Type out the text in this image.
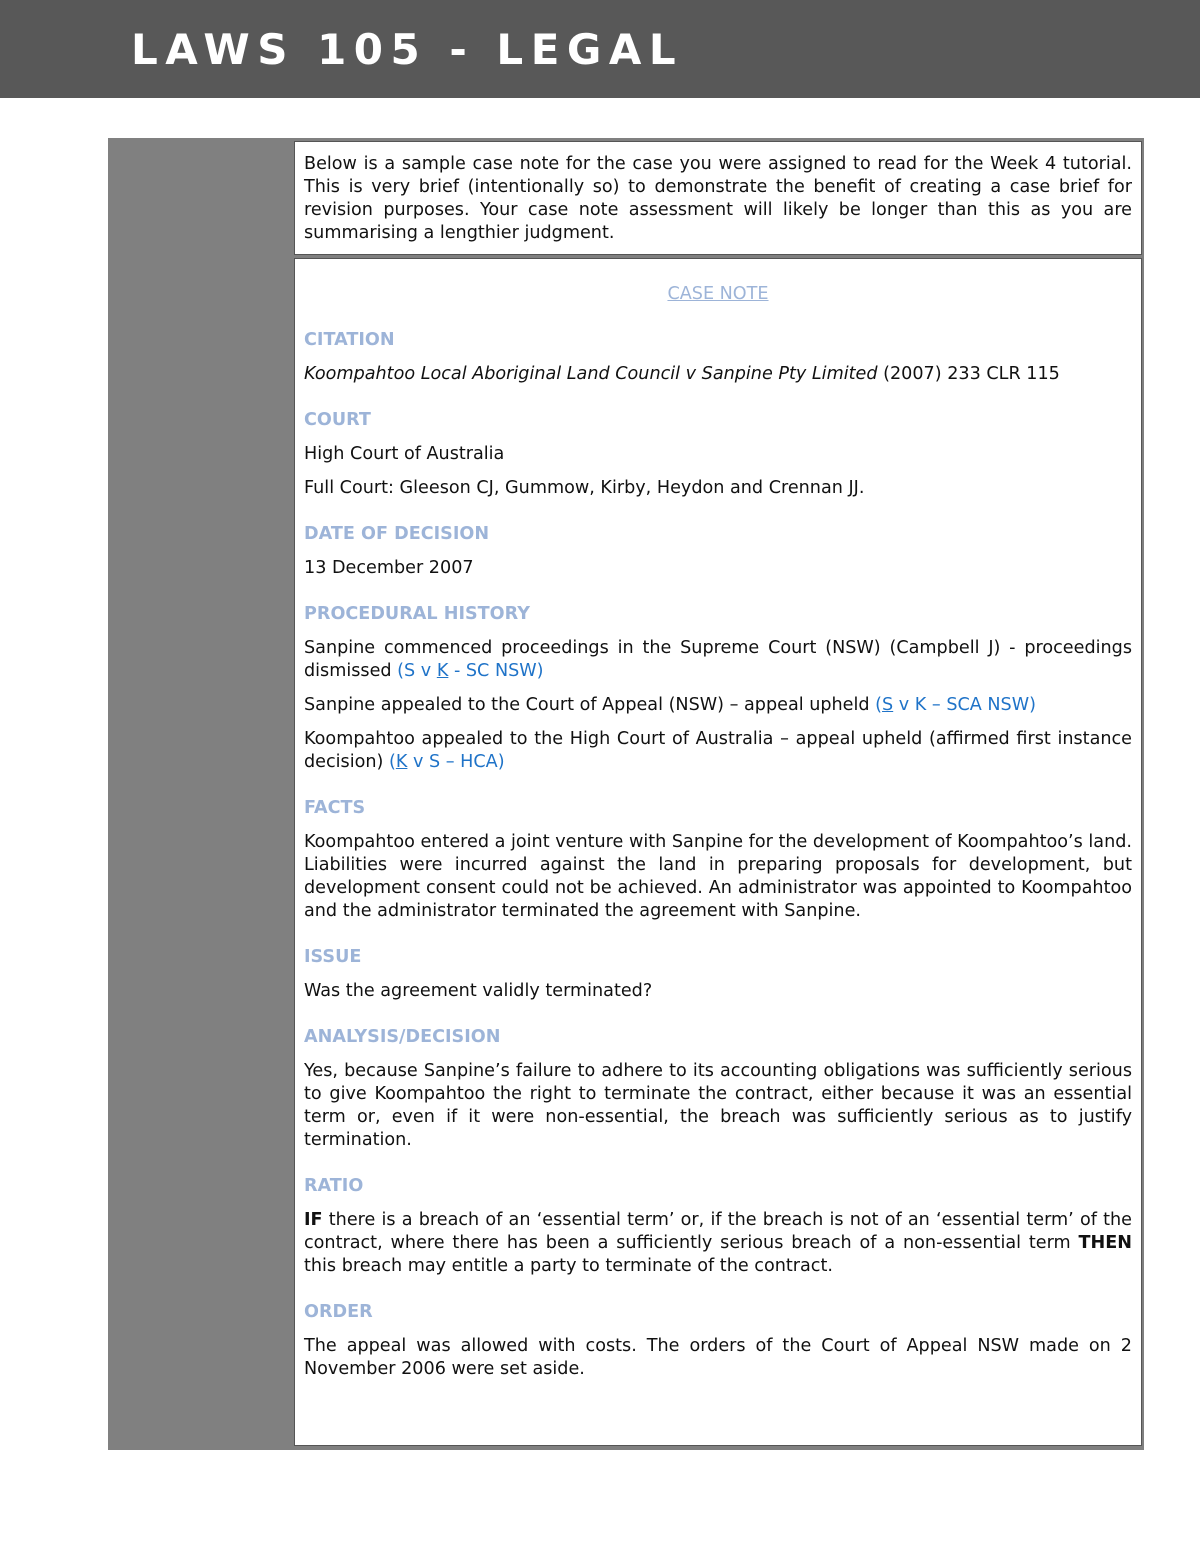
LAWS 105 - LEGAL

Below is a sample case note for the case you were assigned to read for the Week 4 tutorial. This is very brief (intentionally so) to demonstrate the benefit of creating a case brief for revision purposes. Your case note assessment will likely be longer than this as you are summarising a lengthier judgment.

CASE NOTE
CITATION

Koompahtoo Local Aboriginal Land Council v Sanpine Pty Limited (2007) 233 CLR 115

COURT

High Court of Australia

Full Court: Gleeson CJ, Gummow, Kirby, Heydon and Crennan JJ.

DATE OF DECISION

13 December 2007

PROCEDURAL HISTORY

Sanpine commenced proceedings in the Supreme Court (NSW) (Campbell J) - proceedings dismissed (S v K - SC NSW)

Sanpine appealed to the Court of Appeal (NSW) – appeal upheld (S v K – SCA NSW)

Koompahtoo appealed to the High Court of Australia – appeal upheld (affirmed first instance decision) (K v S – HCA)

FACTS

Koompahtoo entered a joint venture with Sanpine for the development of Koompahtoo’s land. Liabilities were incurred against the land in preparing proposals for development, but development consent could not be achieved. An administrator was appointed to Koompahtoo and the administrator terminated the agreement with Sanpine.

ISSUE

Was the agreement validly terminated?

ANALYSIS/DECISION

Yes, because Sanpine’s failure to adhere to its accounting obligations was sufficiently serious to give Koompahtoo the right to terminate the contract, either because it was an essential term or, even if it were non-essential, the breach was sufficiently serious as to justify termination.

RATIO

IF there is a breach of an ‘essential term’ or, if the breach is not of an ‘essential term’ of the contract, where there has been a sufficiently serious breach of a non-essential term THEN this breach may entitle a party to terminate of the contract.

ORDER

The appeal was allowed with costs. The orders of the Court of Appeal NSW made on 2 November 2006 were set aside.
